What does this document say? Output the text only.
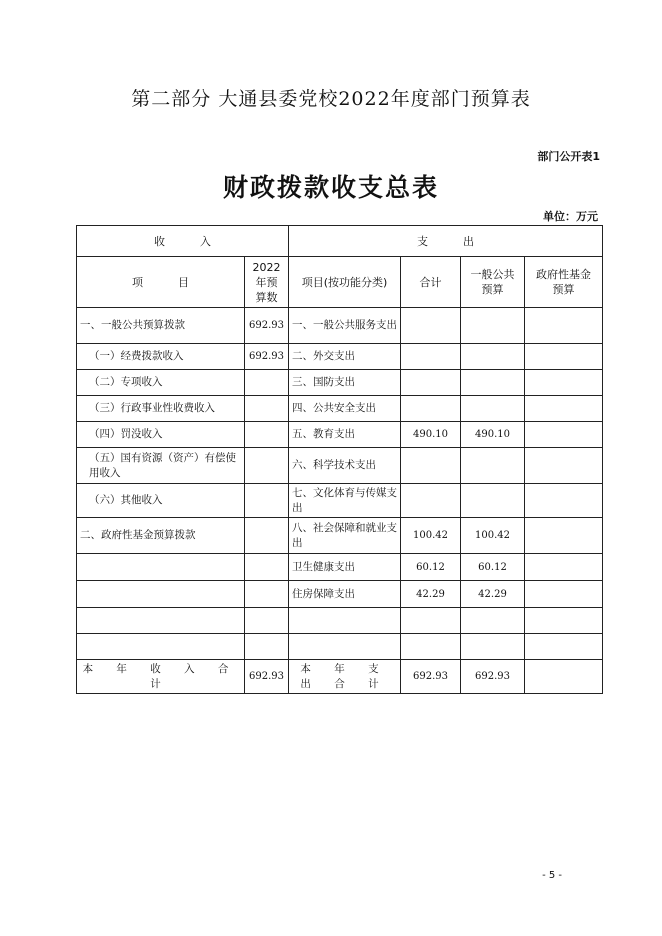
第二部分 大通县委党校2022年度部门预算表
部门公开表1
财政拨款收支总表
单位：万元
收          入		支          出			
项          目	2022年预算数	项目(按功能分类)	合计	一般公共预算	政府性基金预算
一、一般公共预算拨款	692.93	一、一般公共服务支出			
（一）经费拨款收入	692.93	二、外交支出			
（二）专项收入		三、国防支出			
（三）行政事业性收费收入		四、公共安全支出			
（四）罚没收入		五、教育支出	490.10	490.10	
（五）国有资源（资产）有偿使用收入		六、科学技术支出			
（六）其他收入		七、文化体育与传媒支出			
二、政府性基金预算拨款		八、社会保障和就业支出	100.42	100.42	
		卫生健康支出	60.12	60.12	
		住房保障支出	42.29	42.29	

本 年 收 入 合 计	692.93	本 年 支 出 合 计	692.93	692.93	
- 5 -
